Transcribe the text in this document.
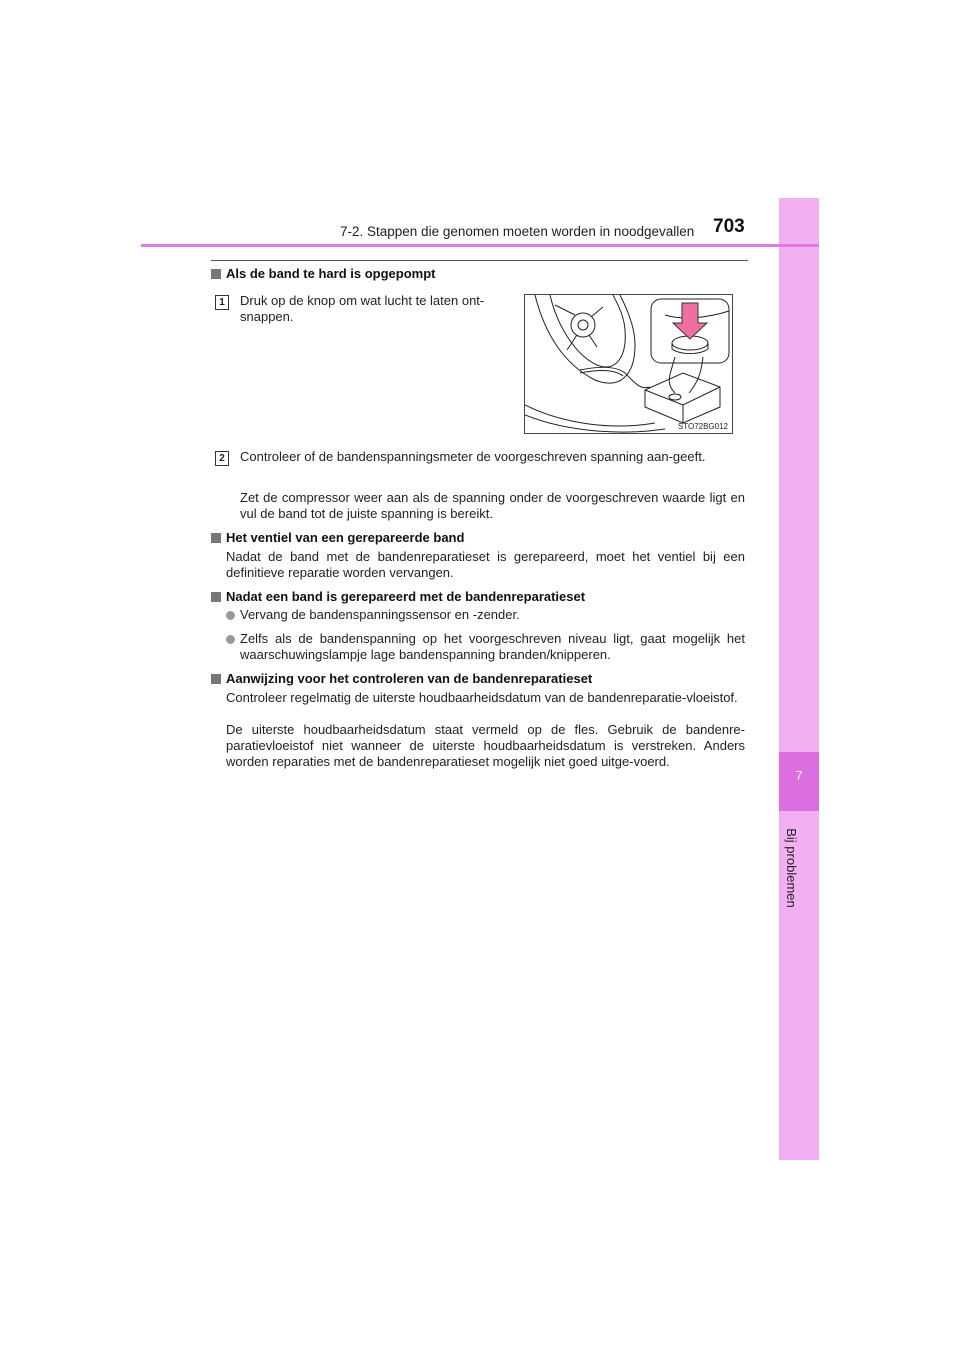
7
Bij problemen
7-2. Stappen die genomen moeten worden in noodgevallen 703
Als de band te hard is opgepompt
1	Druk op de knop om wat lucht te laten ont-snappen.

STO72BG012
2	Controleer of de bandenspanningsmeter de voorgeschreven spanning aan-geeft.

Zet de compressor weer aan als de spanning onder de voorgeschreven waarde ligt en vul de band tot de juiste spanning is bereikt.

Het ventiel van een gerepareerde band

Nadat de band met de bandenreparatieset is gerepareerd, moet het ventiel bij een definitieve reparatie worden vervangen.

Nadat een band is gerepareerd met de bandenreparatieset

Vervang de bandenspanningssensor en -zender.

Zelfs als de bandenspanning op het voorgeschreven niveau ligt, gaat mogelijk het waarschuwingslampje lage bandenspanning branden/knipperen.

Aanwijzing voor het controleren van de bandenreparatieset

Controleer regelmatig de uiterste houdbaarheidsdatum van de bandenreparatie-vloeistof.

De uiterste houdbaarheidsdatum staat vermeld op de fles. Gebruik de bandenre-paratievloeistof niet wanneer de uiterste houdbaarheidsdatum is verstreken. Anders worden reparaties met de bandenreparatieset mogelijk niet goed uitge-voerd.
